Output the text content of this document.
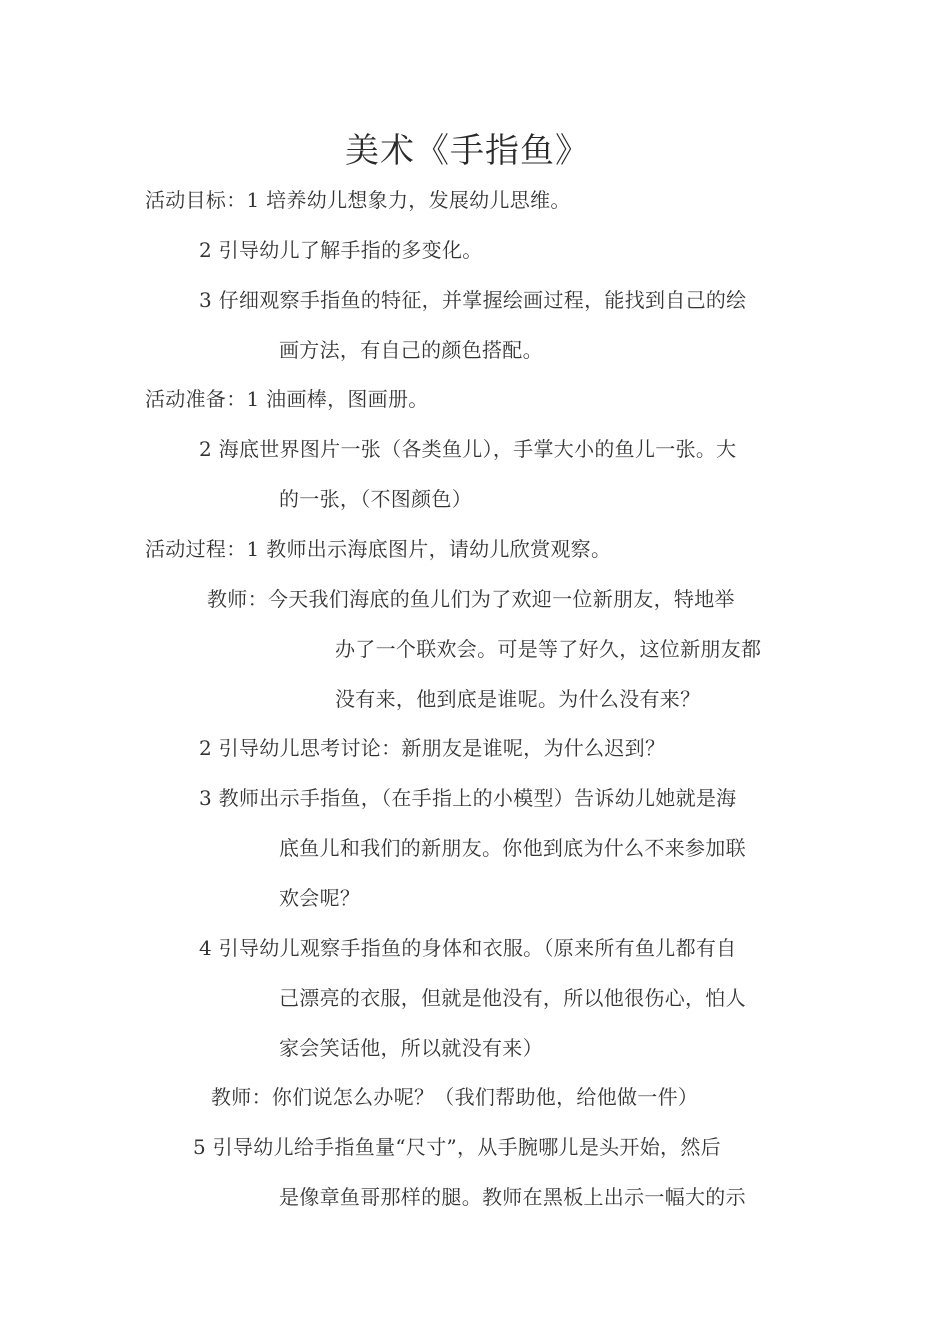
美术《手指鱼》
活动目标：1 培养幼儿想象力，发展幼儿思维。
2 引导幼儿了解手指的多变化。
3 仔细观察手指鱼的特征，并掌握绘画过程，能找到自己的绘
画方法，有自己的颜色搭配。
活动准备：1 油画棒，图画册。
2 海底世界图片一张（各类鱼儿），手掌大小的鱼儿一张。大
的一张，（不图颜色）
活动过程：1 教师出示海底图片，请幼儿欣赏观察。
教师：今天我们海底的鱼儿们为了欢迎一位新朋友，特地举
办了一个联欢会。可是等了好久，这位新朋友都
没有来，他到底是谁呢。为什么没有来？
2 引导幼儿思考讨论：新朋友是谁呢，为什么迟到？
3 教师出示手指鱼，（在手指上的小模型）告诉幼儿她就是海
底鱼儿和我们的新朋友。你他到底为什么不来参加联
欢会呢？
4 引导幼儿观察手指鱼的身体和衣服。（原来所有鱼儿都有自
己漂亮的衣服，但就是他没有，所以他很伤心，怕人
家会笑话他，所以就没有来）
教师：你们说怎么办呢？（我们帮助他，给他做一件）
5 引导幼儿给手指鱼量“尺寸”，从手腕哪儿是头开始，然后
是像章鱼哥那样的腿。教师在黑板上出示一幅大的示
